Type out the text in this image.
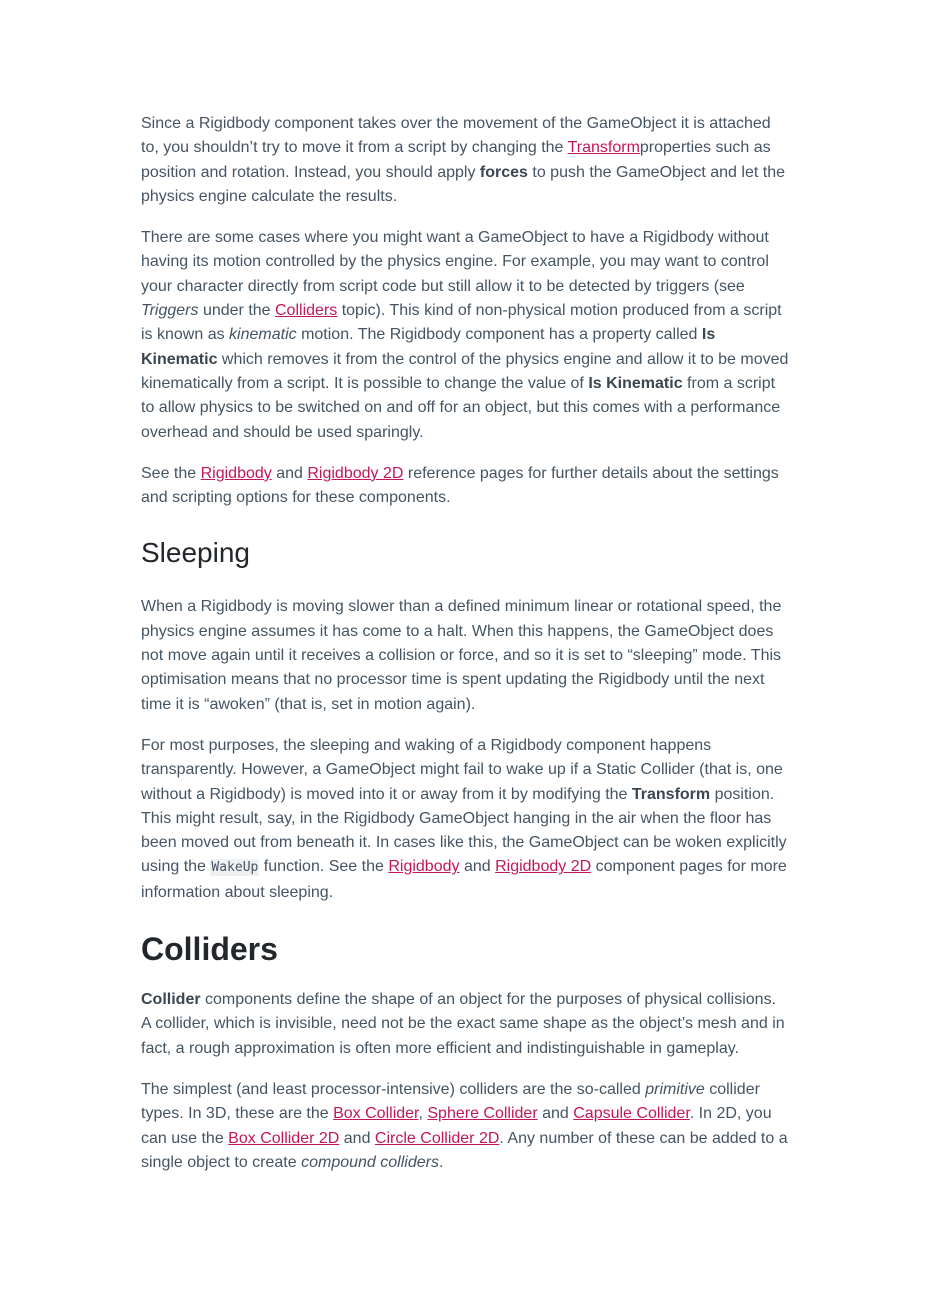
Since a Rigidbody component takes over the movement of the GameObject it is attached to, you shouldn’t try to move it from a script by changing the Transformproperties such as position and rotation. Instead, you should apply forces to push the GameObject and let the physics engine calculate the results.

There are some cases where you might want a GameObject to have a Rigidbody without having its motion controlled by the physics engine. For example, you may want to control your character directly from script code but still allow it to be detected by triggers (see Triggers under the Colliders topic). This kind of non-physical motion produced from a script is known as kinematic motion. The Rigidbody component has a property called Is Kinematic which removes it from the control of the physics engine and allow it to be moved kinematically from a script. It is possible to change the value of Is Kinematic from a script to allow physics to be switched on and off for an object, but this comes with a performance overhead and should be used sparingly.

See the Rigidbody and Rigidbody 2D reference pages for further details about the settings and scripting options for these components.

Sleeping

When a Rigidbody is moving slower than a defined minimum linear or rotational speed, the physics engine assumes it has come to a halt. When this happens, the GameObject does not move again until it receives a collision or force, and so it is set to “sleeping” mode. This optimisation means that no processor time is spent updating the Rigidbody until the next time it is “awoken” (that is, set in motion again).

For most purposes, the sleeping and waking of a Rigidbody component happens transparently. However, a GameObject might fail to wake up if a Static Collider (that is, one without a Rigidbody) is moved into it or away from it by modifying the Transform position. This might result, say, in the Rigidbody GameObject hanging in the air when the floor has been moved out from beneath it. In cases like this, the GameObject can be woken explicitly using the WakeUp function. See the Rigidbody and Rigidbody 2D component pages for more information about sleeping.

Colliders

Collider components define the shape of an object for the purposes of physical collisions. A collider, which is invisible, need not be the exact same shape as the object’s mesh and in fact, a rough approximation is often more efficient and indistinguishable in gameplay.

The simplest (and least processor-intensive) colliders are the so-called primitive collider types. In 3D, these are the Box Collider, Sphere Collider and Capsule Collider. In 2D, you can use the Box Collider 2D and Circle Collider 2D. Any number of these can be added to a single object to create compound colliders.
